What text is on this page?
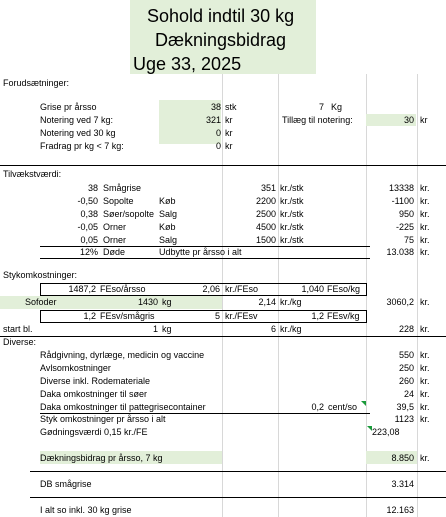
Sohold indtil 30 kg
Dækningsbidrag
Uge 33, 2025
Forudsætninger:
Grise pr årsso	38 stk	7 Kg
Notering ved 7 kg:	321 kr	Tillæg til notering:	30 kr
Notering ved 30 kg	0 kr
Fradrag pr kg < 7 kg:	0 kr
Tilvækstværdi:
38 Smågrise	351 kr./stk	13338 kr.
-0,50 Sopolte	Køb	2200 kr./stk	-1100 kr.
0,38 Søer/sopolte Salg	2500 kr./stk	950 kr.
-0,05 Orner	Køb	4500 kr./stk	-225 kr.
0,05 Orner	Salg	1500 kr./stk	75 kr.
12% Døde	Udbytte pr årsso i alt	13.038 kr.
Stykomkostninger:
1487,2 FEso/årsso	2,06 kr./FEso	1,040 FEso/kg
Sofoder	1430 kg	2,14 kr./kg	3060,2 kr.
1,2 FEsv/smågris	5 kr./FEsv	1,2 FEsv/kg
start bl.	1 kg	6 kr./kg	228 kr.
Diverse:
Rådgivning, dyrlæge, medicin og vaccine	550 kr.
Avlsomkostninger	250 kr.
Diverse inkl. Rodemateriale	260 kr.
Daka omkostninger til søer	24 kr.
Daka omkostninger til pattegrisecontainer	0,2 cent/so	39,5 kr.
Styk omkostninger pr årsso i alt	1123 kr.
Gødningsværdi 0,15 kr./FE	223,08
Dækningsbidrag pr årsso, 7 kg	8.850 kr.
DB smågrise	3.314
I alt so inkl. 30 kg grise	12.163
